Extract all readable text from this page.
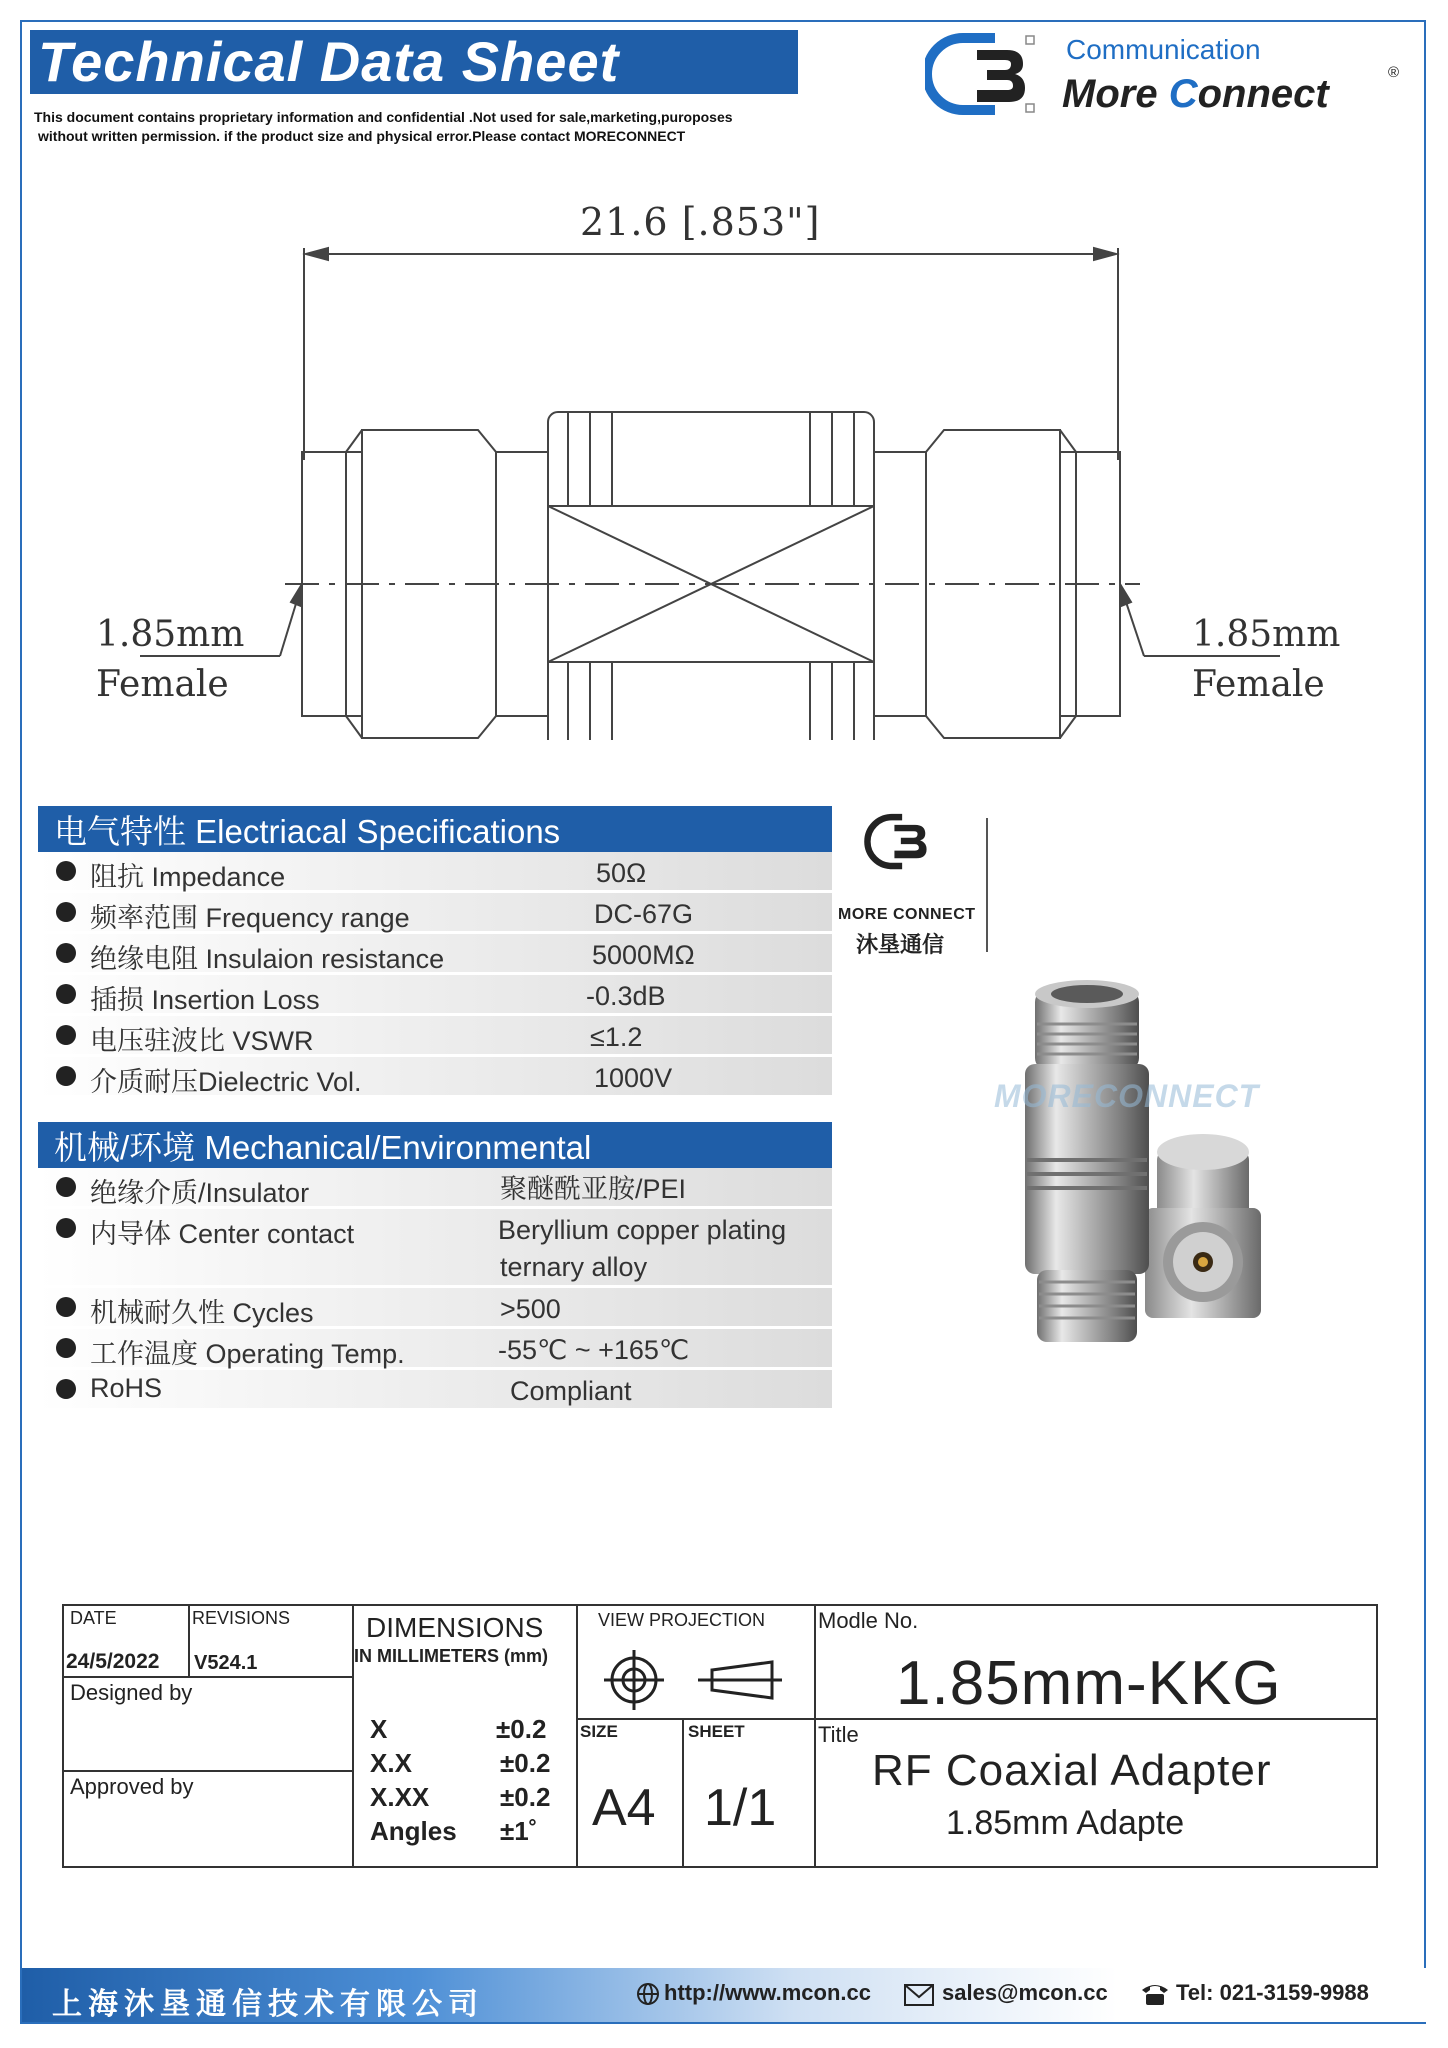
Technical Data Sheet
This document contains proprietary information and confidential .Not used for sale,marketing,puroposes
without written permission. if the product size and physical error.Please contact MORECONNECT
Communication
More Connect	®
21.6 [.853"]
1.85mm
Female
1.85mm
Female
电气特性 Electriacal Specifications
阻抗 Impedance	50Ω
频率范围 Frequency range	DC-67G
绝缘电阻 Insulaion resistance	5000MΩ
插损 Insertion Loss	-0.3dB
电压驻波比 VSWR	≤1.2
介质耐压Dielectric Vol.	1000V
机械/环境 Mechanical/Environmental
绝缘介质/Insulator	聚醚酰亚胺/PEI
内导体 Center contact	Beryllium copper plating
ternary alloy
机械耐久性 Cycles	>500
工作温度 Operating Temp.	-55℃ ~ +165℃
RoHS	Compliant
MORE CONNECT
沐垦通信
MORECONNECT
DATE
24/5/2022
REVISIONS
V524.1
Designed by
Approved by
DIMENSIONS
IN MILLIMETERS (mm)
X	±0.2
X.X	±0.2
X.XX	±0.2
Angles ±1˚
VIEW PROJECTION
SIZE
A4
SHEET
1/1
Modle No.
1.85mm-KKG
Title
RF Coaxial Adapter
1.85mm Adapte
上海沐垦通信技术有限公司	http://www.mcon.cc	sales@mcon.cc	Tel: 021-3159-9988
